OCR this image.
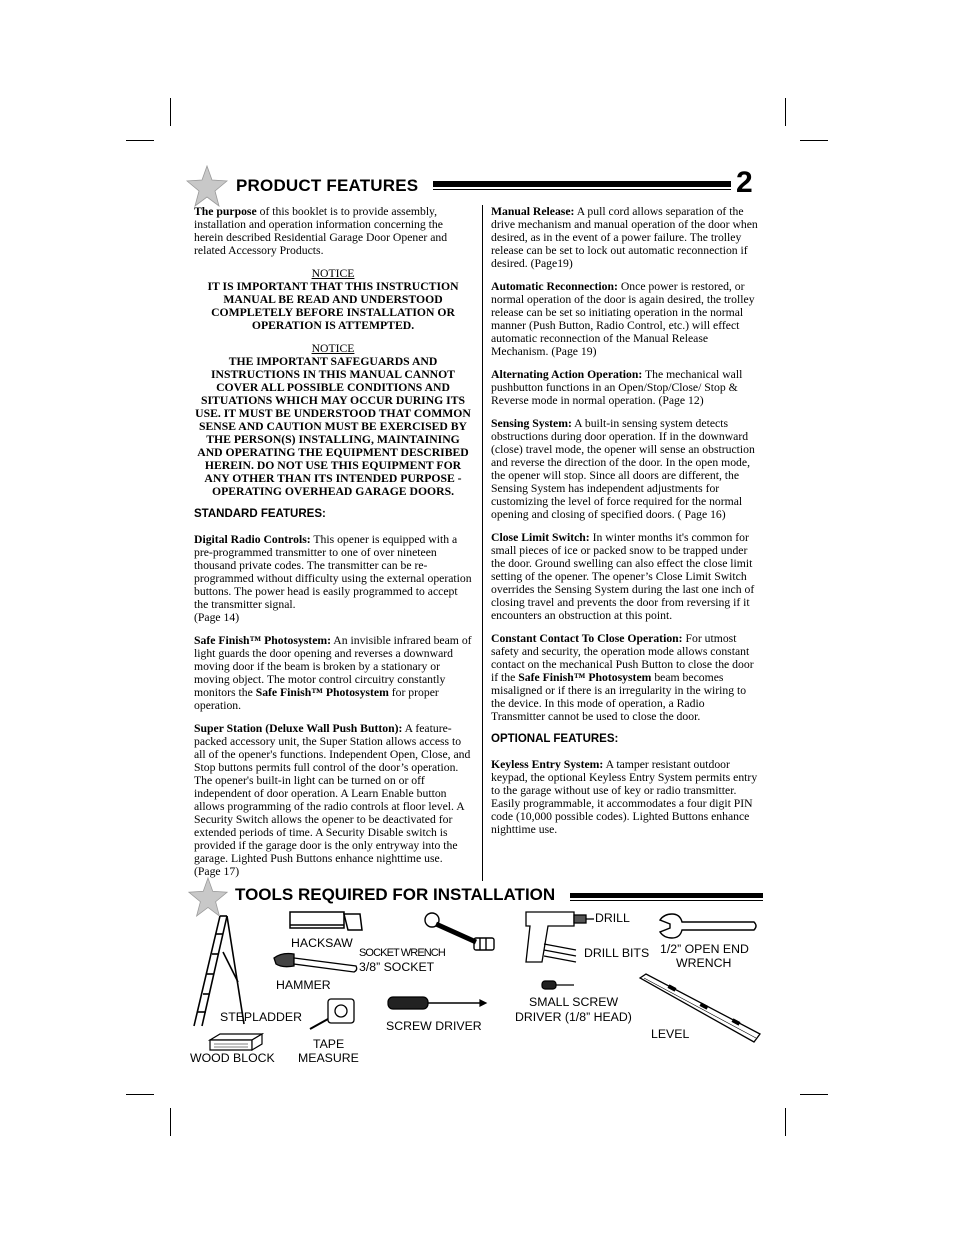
PRODUCT FEATURES	2

The purpose of this booklet is to provide assembly, installation and operation information concerning the herein described Residential Garage Door Opener and related Accessory Products.

NOTICE
IT IS IMPORTANT THAT THIS INSTRUCTION MANUAL BE READ AND UNDERSTOOD COMPLETELY BEFORE INSTALLATION OR OPERATION IS ATTEMPTED.
NOTICE
THE IMPORTANT SAFEGUARDS AND INSTRUCTIONS IN THIS MANUAL CANNOT COVER ALL POSSIBLE CONDITIONS AND SITUATIONS WHICH MAY OCCUR DURING ITS USE. IT MUST BE UNDERSTOOD THAT COMMON SENSE AND CAUTION MUST BE EXERCISED BY THE PERSON(S) INSTALLING, MAINTAINING AND OPERATING THE EQUIPMENT DESCRIBED HEREIN. DO NOT USE THIS EQUIPMENT FOR ANY OTHER THAN ITS INTENDED PURPOSE - OPERATING OVERHEAD GARAGE DOORS.
STANDARD FEATURES:

Digital Radio Controls: This opener is equipped with a pre-programmed transmitter to one of over nineteen thousand private codes. The transmitter can be re-programmed without difficulty using the external operation buttons. The power head is easily programmed to accept the transmitter signal.
(Page 14)

Safe Finish™ Photosystem: An invisible infrared beam of light guards the door opening and reverses a downward moving door if the beam is broken by a stationary or moving object. The motor control circuitry constantly monitors the Safe Finish™ Photosystem for proper operation.

Super Station (Deluxe Wall Push Button): A feature-packed accessory unit, the Super Station allows access to all of the opener's functions. Independent Open, Close, and Stop buttons permits full control of the door’s operation. The opener's built-in light can be turned on or off independent of door operation. A Learn Enable button allows programming of the radio controls at floor level. A Security Switch allows the opener to be deactivated for extended periods of time. A Security Disable switch is provided if the garage door is the only entryway into the garage. Lighted Push Buttons enhance nighttime use. (Page 17)

Manual Release: A pull cord allows separation of the drive mechanism and manual operation of the door when desired, as in the event of a power failure. The trolley release can be set to lock out automatic reconnection if desired. (Page19)

Automatic Reconnection: Once power is restored, or normal operation of the door is again desired, the trolley release can be set so initiating operation in the normal manner (Push Button, Radio Control, etc.) will effect automatic reconnection of the Manual Release Mechanism. (Page 19)

Alternating Action Operation: The mechanical wall pushbutton functions in an Open/Stop/Close/ Stop & Reverse mode in normal operation. (Page 12)

Sensing System: A built-in sensing system detects obstructions during door operation. If in the downward (close) travel mode, the opener will sense an obstruction and reverse the direction of the door. In the open mode, the opener will stop. Since all doors are different, the Sensing System has independent adjustments for customizing the level of force required for the normal opening and closing of specified doors. ( Page 16)

Close Limit Switch: In winter months it's common for small pieces of ice or packed snow to be trapped under the door. Ground swelling can also effect the close limit setting of the opener. The opener’s Close Limit Switch overrides the Sensing System during the last one inch of closing travel and prevents the door from reversing if it encounters an obstruction at this point.

Constant Contact To Close Operation: For utmost safety and security, the operation mode allows constant contact on the mechanical Push Button to close the door if the Safe Finish™ Photosystem beam becomes misaligned or if there is an irregularity in the wiring to the device. In this mode of operation, a Radio Transmitter cannot be used to close the door.

OPTIONAL FEATURES:

Keyless Entry System: A tamper resistant outdoor keypad, the optional Keyless Entry System permits entry to the garage without use of key or radio transmitter. Easily programmable, it accommodates a four digit PIN code (10,000 possible codes). Lighted Buttons enhance nighttime use.

TOOLS REQUIRED FOR INSTALLATION
STEPLADDER
HACKSAW
HAMMER
SOCKET WRENCH
3/8” SOCKET
SCREW DRIVER
TAPE
MEASURE
WOOD BLOCK
DRILL
DRILL BITS
SMALL SCREW
DRIVER (1/8” HEAD)
1/2” OPEN END
WRENCH
LEVEL
